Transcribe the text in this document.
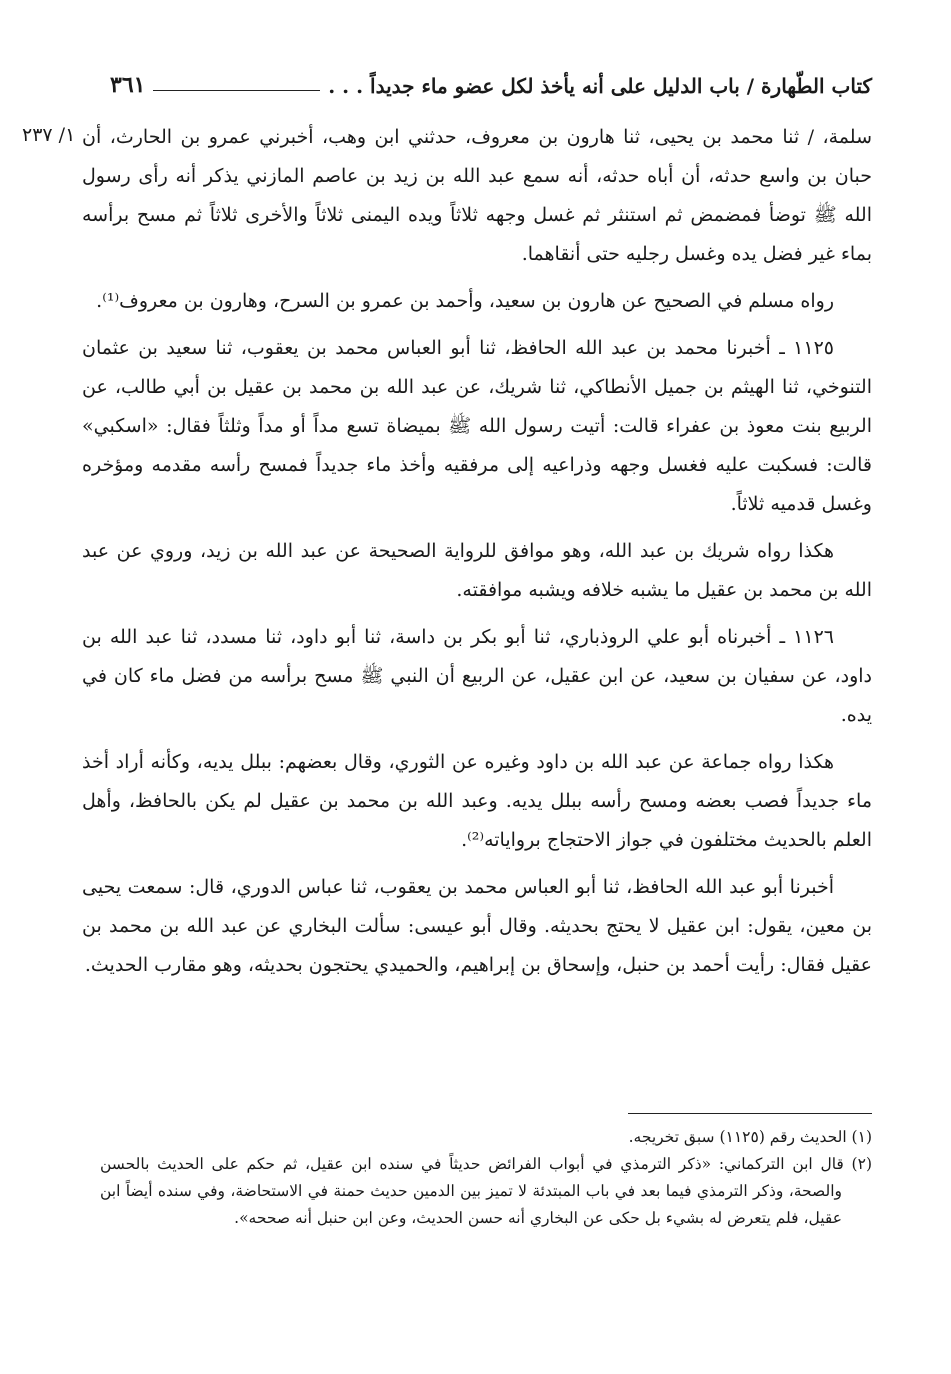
كتاب الطّهارة / باب الدليل على أنه يأخذ لكل عضو ماء جديداً . . .
٣٦١
١/ ٢٣٧ سلمة، / ثنا محمد بن يحيى، ثنا هارون بن معروف، حدثني ابن وهب، أخبرني عمرو بن الحارث، أن حبان بن واسع حدثه، أن أباه حدثه، أنه سمع عبد الله بن زيد بن عاصم المازني يذكر أنه رأى رسول الله ﷺ توضأ فمضمض ثم استنثر ثم غسل وجهه ثلاثاً ويده اليمنى ثلاثاً والأخرى ثلاثاً ثم مسح برأسه بماء غير فضل يده وغسل رجليه حتى أنقاهما.

رواه مسلم في الصحيح عن هارون بن سعيد، وأحمد بن عمرو بن السرح، وهارون بن معروف⁽¹⁾.

١١٢٥ ـ أخبرنا محمد بن عبد الله الحافظ، ثنا أبو العباس محمد بن يعقوب، ثنا سعيد بن عثمان التنوخي، ثنا الهيثم بن جميل الأنطاكي، ثنا شريك، عن عبد الله بن محمد بن عقيل بن أبي طالب، عن الربيع بنت معوذ بن عفراء قالت: أتيت رسول الله ﷺ بميضاة تسع مداً أو مداً وثلثاً فقال: «اسكبي» قالت: فسكبت عليه فغسل وجهه وذراعيه إلى مرفقيه وأخذ ماء جديداً فمسح رأسه مقدمه ومؤخره وغسل قدميه ثلاثاً.

هكذا رواه شريك بن عبد الله، وهو موافق للرواية الصحيحة عن عبد الله بن زيد، وروي عن عبد الله بن محمد بن عقيل ما يشبه خلافه ويشبه موافقته.

١١٢٦ ـ أخبرناه أبو علي الروذباري، ثنا أبو بكر بن داسة، ثنا أبو داود، ثنا مسدد، ثنا عبد الله بن داود، عن سفيان بن سعيد، عن ابن عقيل، عن الربيع أن النبي ﷺ مسح برأسه من فضل ماء كان في يده.

هكذا رواه جماعة عن عبد الله بن داود وغيره عن الثوري، وقال بعضهم: ببلل يديه، وكأنه أراد أخذ ماء جديداً فصب بعضه ومسح رأسه ببلل يديه. وعبد الله بن محمد بن عقيل لم يكن بالحافظ، وأهل العلم بالحديث مختلفون في جواز الاحتجاج برواياته⁽²⁾.

أخبرنا أبو عبد الله الحافظ، ثنا أبو العباس محمد بن يعقوب، ثنا عباس الدوري، قال: سمعت يحيى بن معين، يقول: ابن عقيل لا يحتج بحديثه. وقال أبو عيسى: سألت البخاري عن عبد الله بن محمد بن عقيل فقال: رأيت أحمد بن حنبل، وإسحاق بن إبراهيم، والحميدي يحتجون بحديثه، وهو مقارب الحديث.

(١) الحديث رقم (١١٢٥) سبق تخريجه.

(٢) قال ابن التركماني: «ذكر الترمذي في أبواب الفرائض حديثاً في سنده ابن عقيل، ثم حكم على الحديث بالحسن والصحة، وذكر الترمذي فيما بعد في باب المبتدئة لا تميز بين الدمين حديث حمنة في الاستحاضة، وفي سنده أيضاً ابن عقيل، فلم يتعرض له بشيء بل حكى عن البخاري أنه حسن الحديث، وعن ابن حنبل أنه صححه».
